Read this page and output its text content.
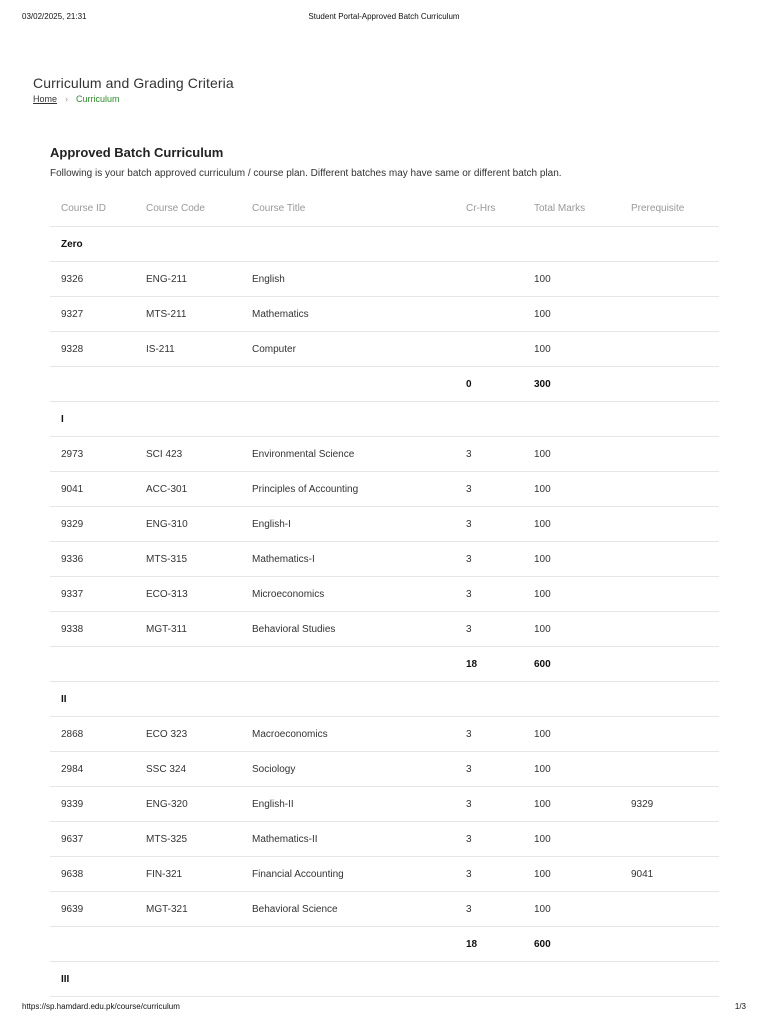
03/02/2025, 21:31	Student Portal-Approved Batch Curriculum
Curriculum and Grading Criteria
Home › Curriculum
Approved Batch Curriculum
Following is your batch approved curriculum / course plan. Different batches may have same or different batch plan.
Course ID	Course Code	Course Title	Cr-Hrs	Total Marks	Prerequisite
Zero					
9326	ENG-211	English		100	
9327	MTS-211	Mathematics		100	
9328	IS-211	Computer		100	
			0	300	
I					
2973	SCI 423	Environmental Science	3	100	
9041	ACC-301	Principles of Accounting	3	100	
9329	ENG-310	English-I	3	100	
9336	MTS-315	Mathematics-I	3	100	
9337	ECO-313	Microeconomics	3	100	
9338	MGT-311	Behavioral Studies	3	100	
			18	600	
II					
2868	ECO 323	Macroeconomics	3	100	
2984	SSC 324	Sociology	3	100	
9339	ENG-320	English-II	3	100	9329
9637	MTS-325	Mathematics-II	3	100	
9638	FIN-321	Financial Accounting	3	100	9041
9639	MGT-321	Behavioral Science	3	100	
			18	600	
III					
https://sp.hamdard.edu.pk/course/curriculum	1/3
